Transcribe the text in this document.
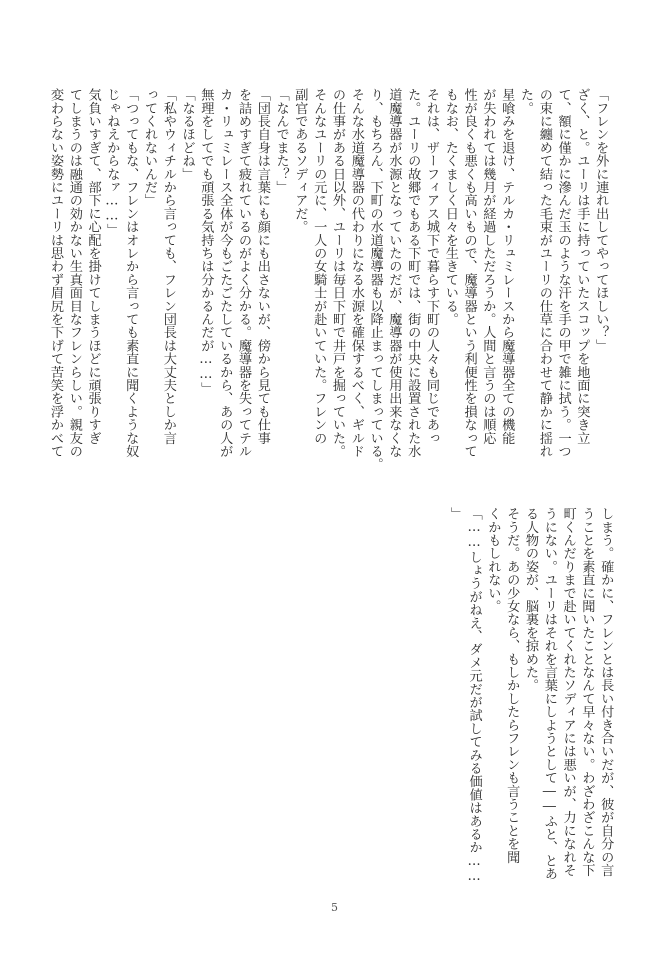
「フレンを外に連れ出してやってほしい？」
ざく、と。ユーリは手に持っていたスコップを地面に突き立
て、額に僅かに滲んだ玉のような汗を手の甲で雑に拭う。一つ
の束に纏めて結った毛束がユーリの仕草に合わせて静かに揺れ
た。
星喰みを退け、テルカ・リュミレースから魔導器全ての機能
が失われては幾月が経過しただろうか。人間と言うのは順応
性が良くも悪くも高いもので、魔導器という利便性を損なって
もなお、たくましく日々を生きている。
それは、ザーフィアス城下で暮らす下町の人々も同じであっ
た。ユーリの故郷でもある下町では、街の中央に設置された水
道魔導器が水源となっていたのだが、魔導器が使用出来なくな
り、もちろん、下町の水道魔導器も以降止まってしまっている。
そんな水道魔導器の代わりになる水源を確保するべく、ギルド
の仕事がある日以外、ユーリは毎日下町で井戸を掘っていた。
そんなユーリの元に、一人の女騎士が赴いていた。フレンの
副官であるソディアだ。
「なんでまた？」
「団長自身は言葉にも顔にも出さないが、傍から見ても仕事
を詰めすぎて疲れているのがよく分かる。魔導器を失ってテル
カ・リュミレース全体が今もごたごたしているから、あの人が
無理をしてでも頑張る気持ちは分かるんだが……」
「なるほどね」
「私やウィチルから言っても、フレン団長は大丈夫としか言
ってくれないんだ」
「つってもな、フレンはオレから言っても素直に聞くような奴
じゃねえからなァ……」
気負いすぎて、部下に心配を掛けてしまうほどに頑張りすぎ
てしまうのは融通の効かない生真面目なフレンらしい。親友の
変わらない姿勢にユーリは思わず眉尻を下げて苦笑を浮かべて
しまう。確かに、フレンとは長い付き合いだが、彼が自分の言
うことを素直に聞いたことなんて早々ない。わざわざこんな下
町くんだりまで赴いてくれたソディアには悪いが、力になれそ
うにない。ユーリはそれを言葉にしようとして――ふと、とあ
る人物の姿が、脳裏を掠めた。
そうだ。あの少女なら、もしかしたらフレンも言うことを聞
くかもしれない。
「……しょうがねえ、ダメ元だが試してみる価値はあるか……
」
5
